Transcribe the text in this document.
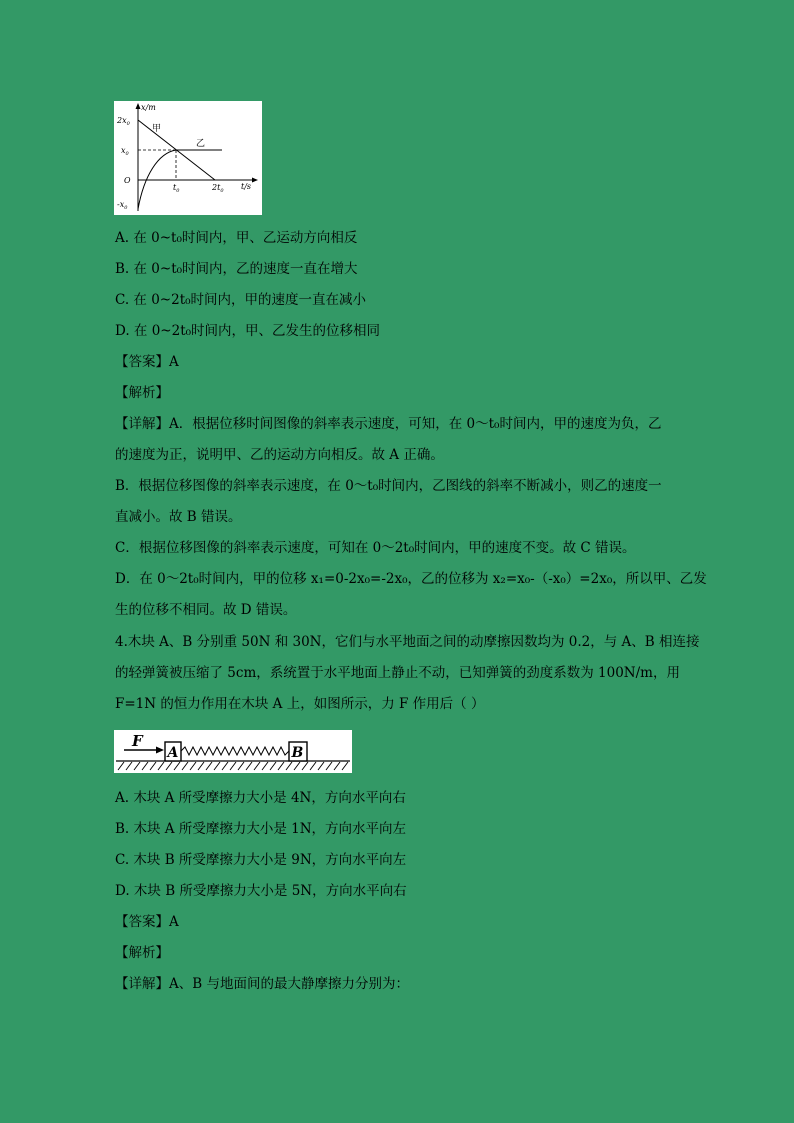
x/m
t/s
$2x_0$
$x_0$
O
$-x_0$
$t_0$	$2t_0$
甲
乙
A. 在 0~t₀时间内，甲、乙运动方向相反
B. 在 0~t₀时间内，乙的速度一直在增大
C. 在 0~2t₀时间内，甲的速度一直在减小
D. 在 0~2t₀时间内，甲、乙发生的位移相同
【答案】A
【解析】
【详解】A．根据位移时间图像的斜率表示速度，可知，在 0～t₀时间内，甲的速度为负，乙
的速度为正，说明甲、乙的运动方向相反。故 A 正确。
B．根据位移图像的斜率表示速度，在 0～t₀时间内，乙图线的斜率不断减小，则乙的速度一
直减小。故 B 错误。
C．根据位移图像的斜率表示速度，可知在 0～2t₀时间内，甲的速度不变。故 C 错误。
D．在 0～2t₀时间内，甲的位移 x₁=0-2x₀=-2x₀，乙的位移为 x₂=x₀-（-x₀）=2x₀，所以甲、乙发
生的位移不相同。故 D 错误。
4.木块 A、B 分别重 50N 和 30N，它们与水平地面之间的动摩擦因数均为 0.2，与 A、B 相连接
的轻弹簧被压缩了 5cm，系统置于水平地面上静止不动，已知弹簧的劲度系数为 100N/m，用
F=1N 的恒力作用在木块 A 上，如图所示，力 F 作用后（ ）
F
A	B
A. 木块 A 所受摩擦力大小是 4N，方向水平向右
B. 木块 A 所受摩擦力大小是 1N，方向水平向左
C. 木块 B 所受摩擦力大小是 9N，方向水平向左
D. 木块 B 所受摩擦力大小是 5N，方向水平向右
【答案】A
【解析】
【详解】A、B 与地面间的最大静摩擦力分别为：
